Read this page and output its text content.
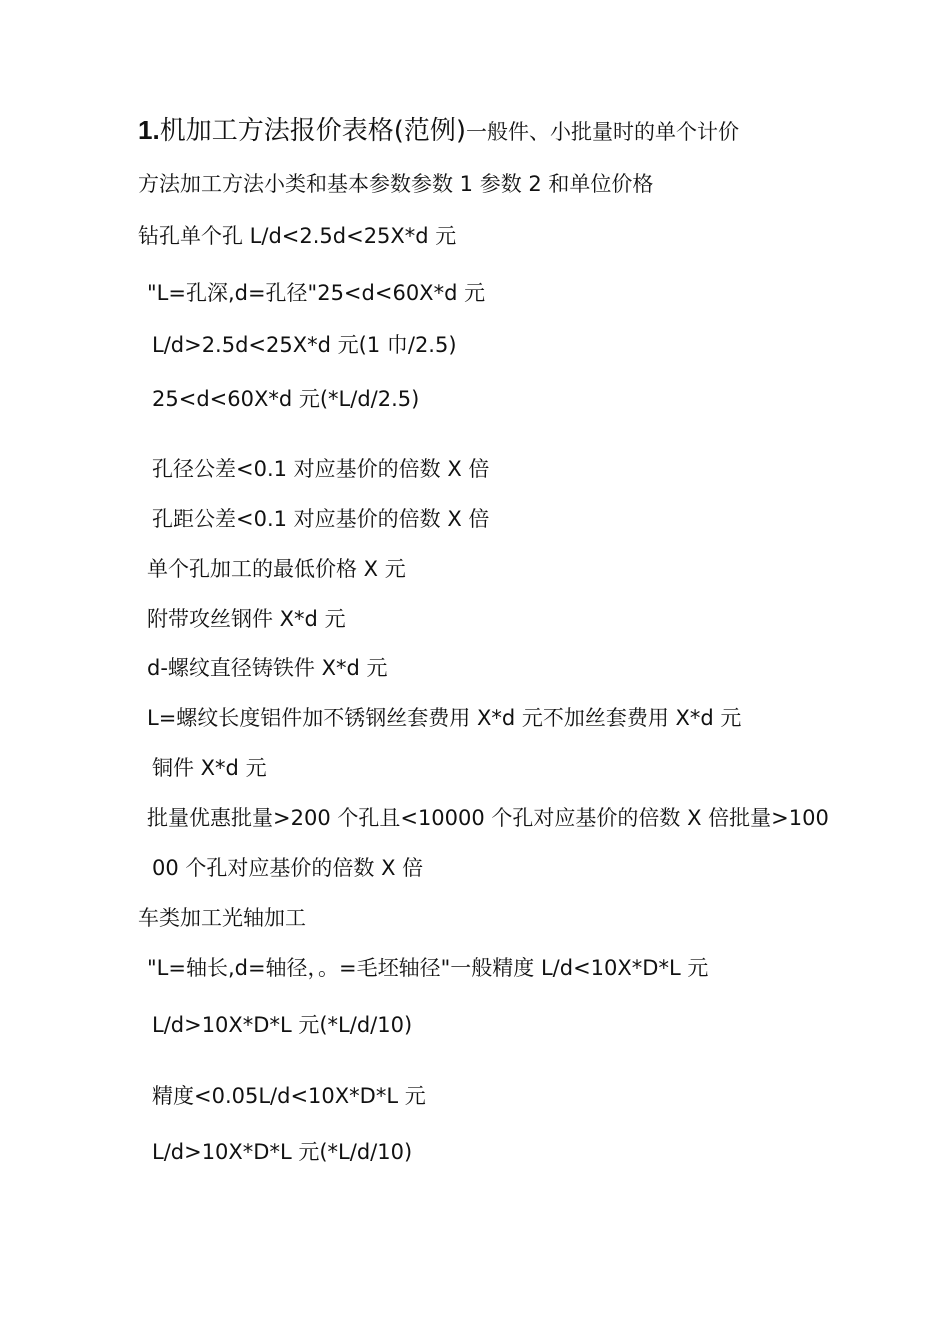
1.机加工方法报价表格(范例)一般件、小批量时的单个计价
方法加工方法小类和基本参数参数 1 参数 2 和单位价格
钻孔单个孔 L/d<2.5d<25X*d 元
"L=孔深,d=孔径"25<d<60X*d 元
L/d>2.5d<25X*d 元(1 巾/2.5)
25<d<60X*d 元(*L/d/2.5)
孔径公差<0.1 对应基价的倍数 X 倍
孔距公差<0.1 对应基价的倍数 X 倍
单个孔加工的最低价格 X 元
附带攻丝钢件 X*d 元
d-螺纹直径铸铁件 X*d 元
L=螺纹长度铝件加不锈钢丝套费用 X*d 元不加丝套费用 X*d 元
铜件 X*d 元
批量优惠批量>200 个孔且<10000 个孔对应基价的倍数 X 倍批量>100
00 个孔对应基价的倍数 X 倍
车类加工光轴加工
"L=轴长,d=轴径，。=毛坯轴径"一般精度 L/d<10X*D*L 元
L/d>10X*D*L 元(*L/d/10)
精度<0.05L/d<10X*D*L 元
L/d>10X*D*L 元(*L/d/10)
